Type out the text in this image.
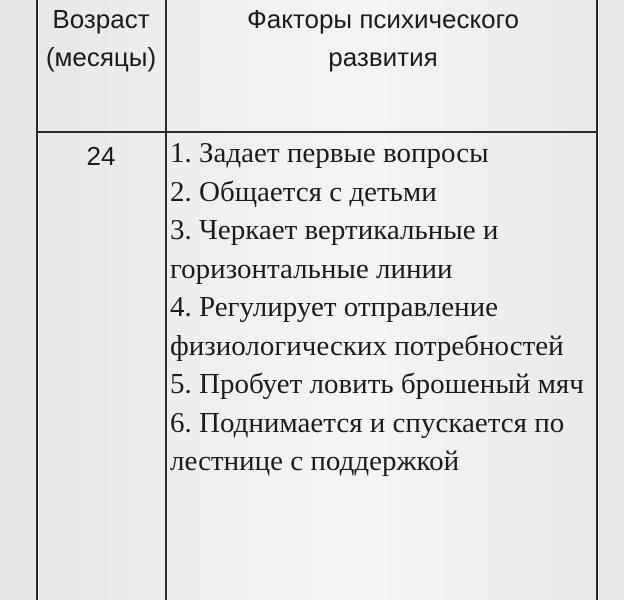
Возраст
(месяцы)
Факторы психического
развития
24	1. Задает первые вопросы
2. Общается с детьми
3. Черкает вертикальные и горизонтальные линии
4. Регулирует отправление физиологических потребностей
5. Пробует ловить брошеный мяч
6. Поднимается и спускается по лестнице с поддержкой
